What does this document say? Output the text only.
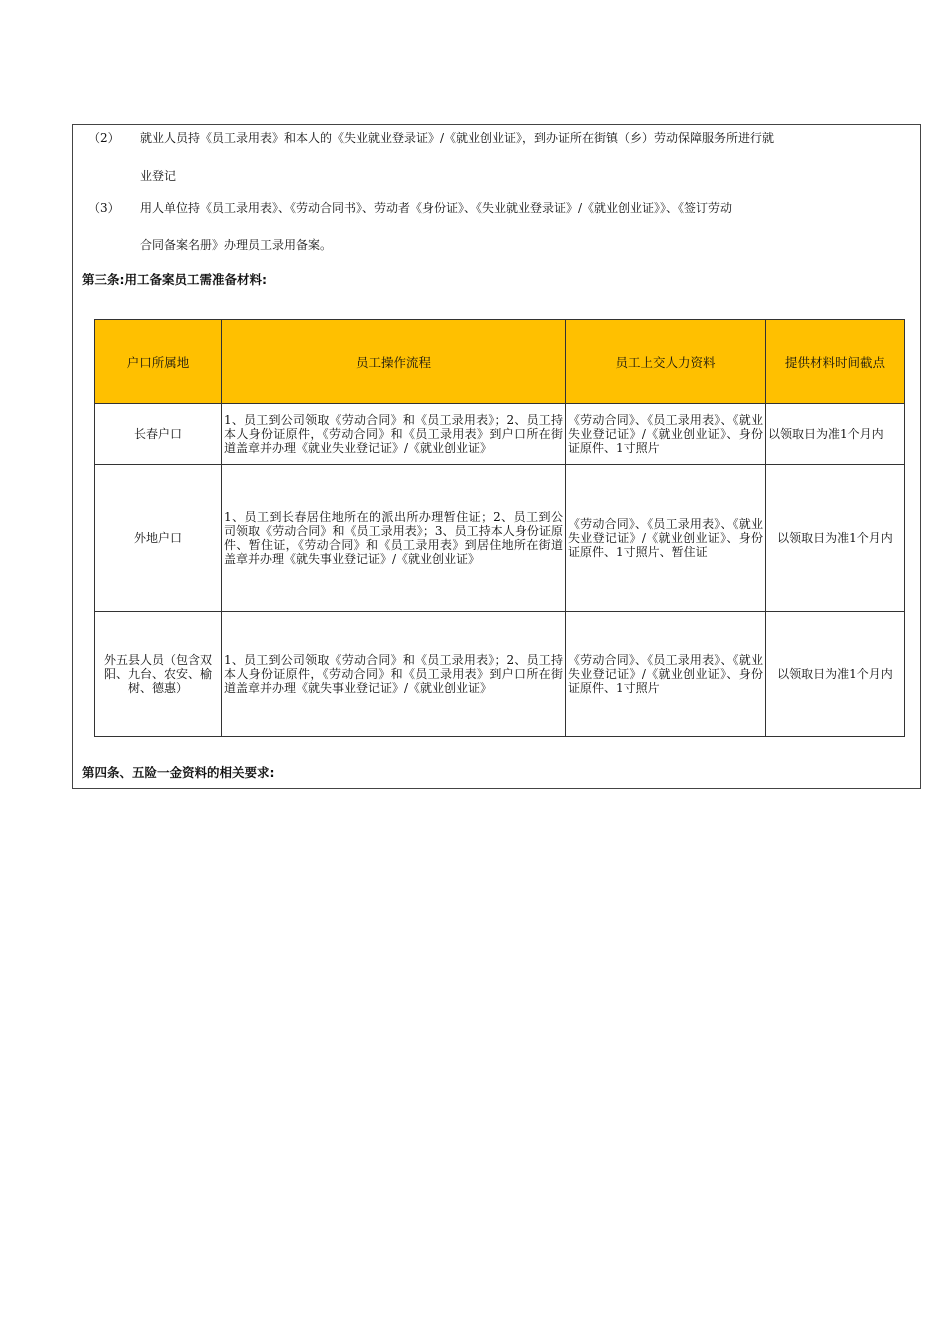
（2） 就业人员持《员工录用表》和本人的《失业就业登录证》/《就业创业证》，到办证所在街镇（乡）劳动保障服务所进行就
业登记
（3） 用人单位持《员工录用表》、《劳动合同书》、劳动者《身份证》、《失业就业登录证》/《就业创业证》》、《签订劳动
合同备案名册》办理员工录用备案。
第三条:用工备案员工需准备材料:
户口所属地	员工操作流程	员工上交人力资料	提供材料时间截点
长春户口	1、员工到公司领取《劳动合同》和《员工录用表》；2、员工持本人身份证原件，《劳动合同》和《员工录用表》到户口所在街道盖章并办理《就业失业登记证》/《就业创业证》	《劳动合同》、《员工录用表》、《就业失业登记证》/《就业创业证》、身份证原件、1寸照片	以领取日为准1个月内
外地户口	1、员工到长春居住地所在的派出所办理暂住证；2、员工到公司领取《劳动合同》和《员工录用表》；3、员工持本人身份证原件、暂住证，《劳动合同》和《员工录用表》到居住地所在街道盖章并办理《就失事业登记证》/《就业创业证》	《劳动合同》、《员工录用表》、《就业失业登记证》/《就业创业证》、身份证原件、1寸照片、暂住证	以领取日为准1个月内
外五县人员（包含双阳、九台、农安、榆树、德惠）	1、员工到公司领取《劳动合同》和《员工录用表》；2、员工持本人身份证原件，《劳动合同》和《员工录用表》到户口所在街道盖章并办理《就失事业登记证》/《就业创业证》	《劳动合同》、《员工录用表》、《就业失业登记证》/《就业创业证》、身份证原件、1寸照片	以领取日为准1个月内
第四条、五险一金资料的相关要求:
